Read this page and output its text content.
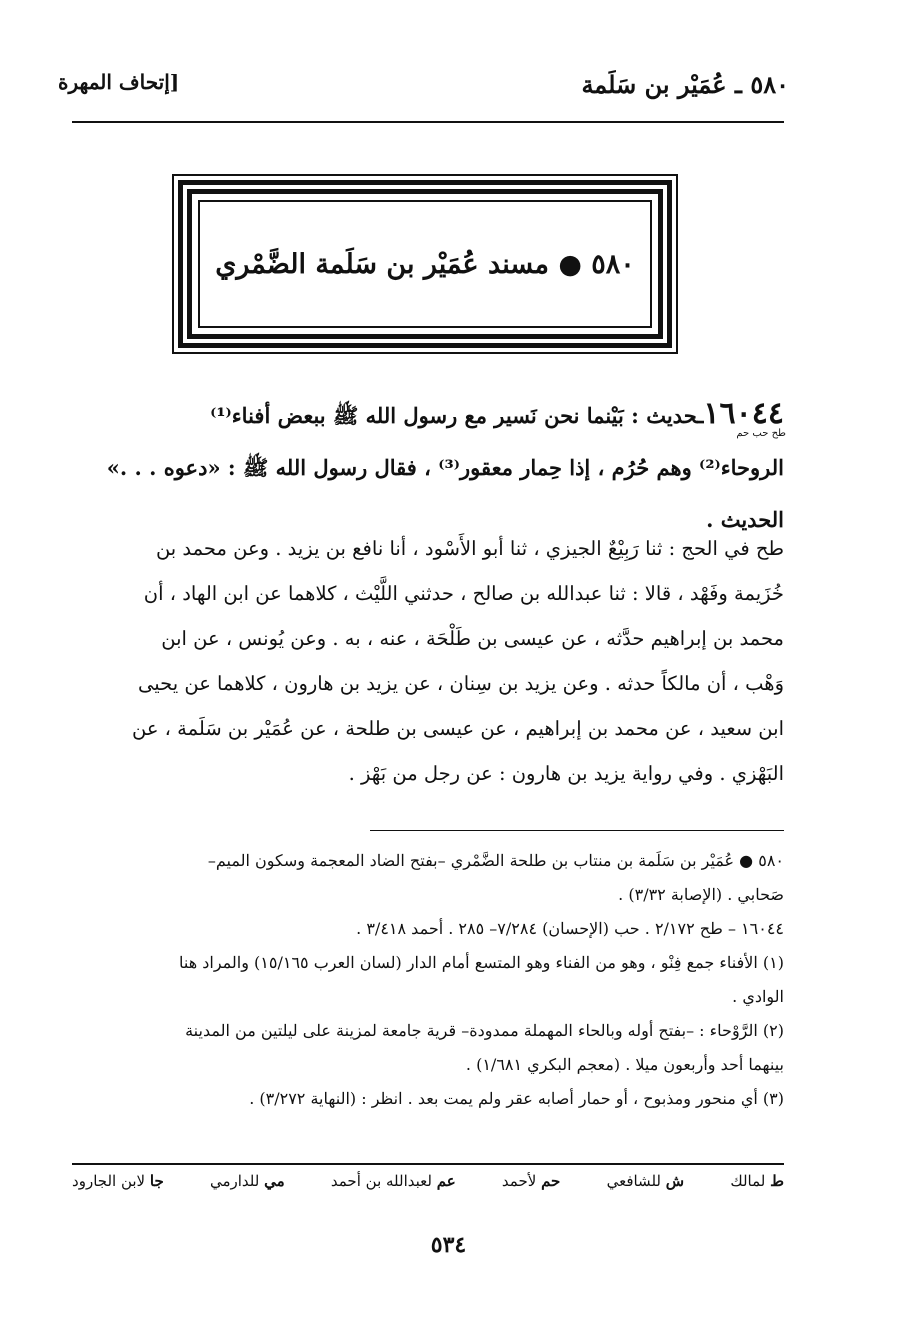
٥٨٠ ـ عُمَيْر بن سَلَمة
[إتحاف المهرة
٥٨٠ ● مسند عُمَيْر بن سَلَمة الضَّمْري
١٦٠٤٤ـحديث : بَيْنما نحن نَسير مع رسول الله ﷺ ببعض أفناء⁽¹⁾
طح حب حم
الروحاء⁽²⁾ وهم حُرُم ، إذا حِمار معقور⁽³⁾ ، فقال رسول الله ﷺ : «دعوه . . .»
الحديث .
طح في الحج : ثنا رَبِيْعٌ الجيزي ، ثنا أبو الأَسْود ، أنا نافع بن يزيد . وعن محمد بن
خُزَيمة وفَهْد ، قالا : ثنا عبدالله بن صالح ، حدثني اللَّيْث ، كلاهما عن ابن الهاد ، أن
محمد بن إبراهيم حدَّثه ، عن عيسى بن طَلْحَة ، عنه ، به . وعن يُونس ، عن ابن
وَهْب ، أن مالكاً حدثه . وعن يزيد بن سِنان ، عن يزيد بن هارون ، كلاهما عن يحيى
ابن سعيد ، عن محمد بن إبراهيم ، عن عيسى بن طلحة ، عن عُمَيْر بن سَلَمة ، عن
البَهْزي . وفي رواية يزيد بن هارون : عن رجل من بَهْز .
٥٨٠ ● عُمَيْر بن سَلَمة بن منتاب بن طلحة الضَّمْري –بفتح الضاد المعجمة وسكون الميم–
صَحابي . (الإصابة ٣/٣٢) .
١٦٠٤٤ – طح ٢/١٧٢ . حب (الإحسان) ٧/٢٨٤– ٢٨٥ . أحمد ٣/٤١٨ .
(١) الأفناء جمع فِنْو ، وهو من الفناء وهو المتسع أمام الدار (لسان العرب ١٥/١٦٥) والمراد هنا
الوادي .
(٢) الرَّوْحاء : –بفتح أوله وبالحاء المهملة ممدودة– قرية جامعة لمزينة على ليلتين من المدينة
بينهما أحد وأربعون ميلا . (معجم البكري ١/٦٨١) .
(٣) أي منحور ومذبوح ، أو حمار أصابه عقر ولم يمت بعد . انظر : (النهاية ٣/٢٧٢) .
ط لمالك
ش للشافعي
حم لأحمد
عم لعبدالله بن أحمد
مي للدارمي
جا لابن الجارود
٥٣٤
